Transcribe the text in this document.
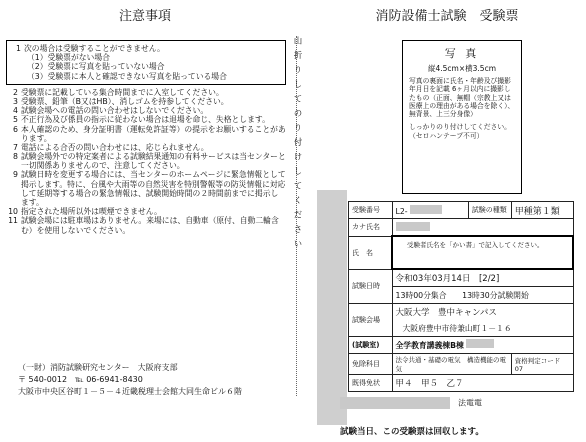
注意事項
1 次の場合は受験することができません。
（1）受験票がない場合
（2）受験票に写真を貼っていない場合
（3）受験票に本人と確認できない写真を貼っている場合
2 受験票に記載している集合時間までに入室してください。
3 受験票、鉛筆（B又はHB）、消しゴムを持参してください。
4 試験会場への電話の問い合わせはしないでください。
5 不正行為及び係員の指示に従わない場合は退場を命じ、失格とします。
6 本人確認のため、身分証明書（運転免許証等）の提示をお願いすることがあります。
7 電話による合否の問い合わせには、応じられません。
8 試験会場外での特定案者による試験結果通知の有料サービスは当センターと一切関係ありませんので、注意してください。
9 試験日時を変更する場合には、当センターのホームページに緊急情報として掲示します。特に、台風や大雨等の自然災害を特別警報等の防災情報に対応して延期等する場合の緊急情報は、試験開始時間の２時間前までに掲示します。
10 指定された場所以外は喫煙できません。
11 試験会場には駐車場はありません。来場には、自動車（原付、自動二輪含む）を使用しないでください。
（一財）消防試験研究センター　大阪府支部
〒 540-0012　℡ 06-6941-8430
大阪市中央区谷町１－５－４近畿税理士会館大同生命ビル６階
山折りしてのり付けしてください
消防設備士試験　受験票
写 真
縦4.5cm×横3.5cm
写真の裏面に氏名・年齢及び撮影年月日を記載 6ヶ月以内に撮影したもの（正面、無帽（宗教上又は医療上の理由がある場合を除く）、無背景、上三分身像）
しっかりのり付けしてください。（セロハンテープ不可）
受験番号	L2-	試験の種類	甲種第１類
カナ氏名			
氏　名	受験者氏名を「かい書」で記入してください。		
試験日時	令和03年03月14日　 [2/2]		
	13時00分集合　　 13時30分試験開始		
試験会場	大阪大学　豊中キャンパス		
	大阪府豊中市待兼山町１－１６		
(試験室)	全学教育講義棟B棟		
免除科目	法令共通・基礎の電気　構造機能の電気		資格判定コード　07
既得免状	甲４　甲５　乙７		
　法電電
試験当日、この受験票は回収します。
